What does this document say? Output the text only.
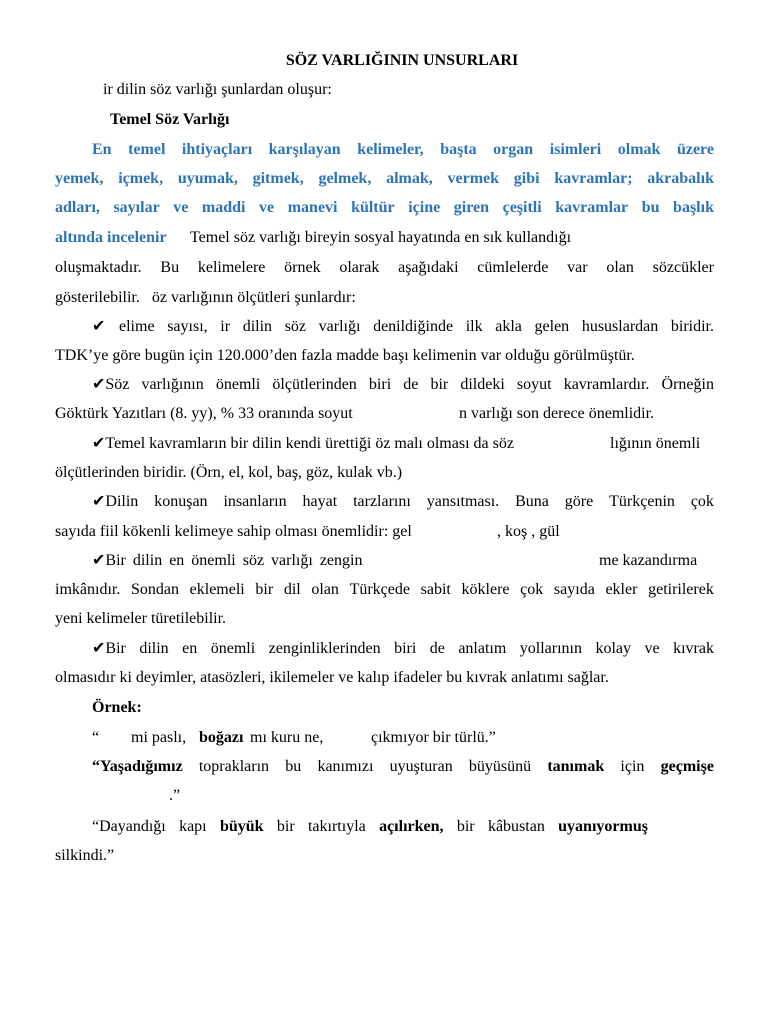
SÖZ VARLIĞININ UNSURLARI
ir dilin söz varlığı şunlardan oluşur:
Temel Söz Varlığı
En temel ihtiyaçları karşılayan kelimeler, başta organ isimleri olmak üzere
yemek, içmek, uyumak, gitmek, gelmek, almak, vermek gibi kavramlar; akrabalık
adları, sayılar ve maddi ve manevi kültür içine giren çeşitli kavramlar bu başlık
altında incelenir Temel söz varlığı bireyin sosyal hayatında en sık kullandığı
oluşmaktadır. Bu kelimelere örnek olarak aşağıdaki cümlelerde var olan sözcükler
gösterilebilir.   öz varlığının ölçütleri şunlardır:
✔ elime sayısı, ir dilin söz varlığı denildiğinde ilk akla gelen hususlardan biridir.
TDK’ye göre bugün için 120.000’den fazla madde başı kelimenin var olduğu görülmüştür.
✔Söz varlığının önemli ölçütlerinden biri de bir dildeki soyut kavramlardır. Örneğin
Göktürk Yazıtları (8. yy), % 33 oranında soyut	n varlığı son derece önemlidir.
✔Temel kavramların bir dilin kendi ürettiği öz malı olması da söz	lığının önemli
ölçütlerinden biridir. (Örn, el, kol, baş, göz, kulak vb.)
✔Dilin konuşan insanların hayat tarzlarını yansıtması. Buna göre Türkçenin çok
sayıda fiil kökenli kelimeye sahip olması önemlidir: gel	, koş , gül
✔Bir dilin en önemli söz varlığı zengin	me kazandırma
imkânıdır. Sondan eklemeli bir dil olan Türkçede sabit köklere çok sayıda ekler getirilerek
yeni kelimeler türetilebilir.
✔Bir dilin en önemli zenginliklerinden biri de anlatım yollarının kolay ve kıvrak
olmasıdır ki deyimler, atasözleri, ikilemeler ve kalıp ifadeler bu kıvrak anlatımı sağlar.
Örnek:
“ mi paslı, boğazı mı kuru ne,	çıkmıyor bir türlü.”
“Yaşadığımız toprakların bu kanımızı uyuşturan büyüsünü tanımak için geçmişe
.”
“Dayandığı kapı büyük bir takırtıyla açılırken, bir kâbustan uyanıyormuş
silkindi.”
